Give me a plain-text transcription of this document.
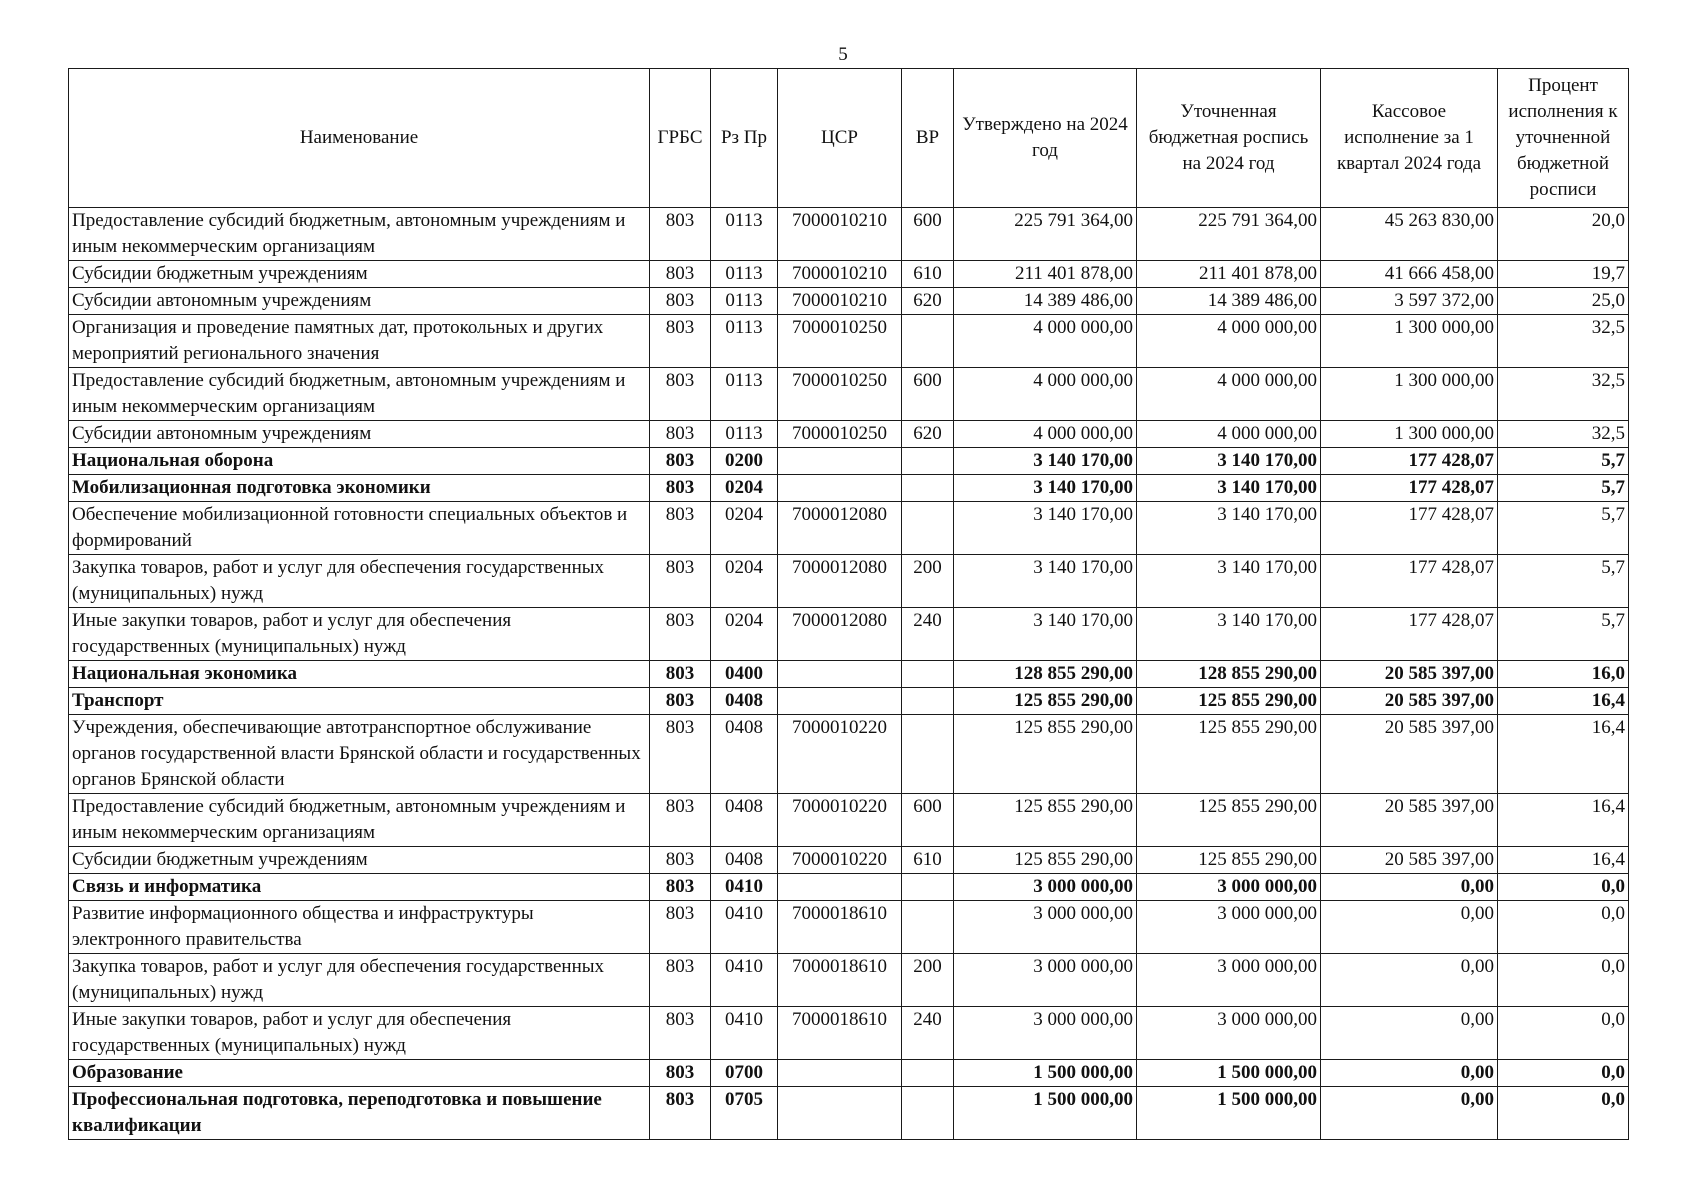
5
Наименование	ГРБС	Рз Пр	ЦСР	ВР	Утверждено на 2024 год	Уточненная бюджетная роспись на 2024 год	Кассовое исполнение за 1 квартал 2024 года	Процент исполнения к уточненной бюджетной росписи
Предоставление субсидий бюджетным, автономным учреждениям и иным некоммерческим организациям	803	0113	7000010210	600	225 791 364,00	225 791 364,00	45 263 830,00	20,0
Субсидии бюджетным учреждениям	803	0113	7000010210	610	211 401 878,00	211 401 878,00	41 666 458,00	19,7
Субсидии автономным учреждениям	803	0113	7000010210	620	14 389 486,00	14 389 486,00	3 597 372,00	25,0
Организация и проведение памятных дат, протокольных и других мероприятий регионального значения	803	0113	7000010250		4 000 000,00	4 000 000,00	1 300 000,00	32,5
Предоставление субсидий бюджетным, автономным учреждениям и иным некоммерческим организациям	803	0113	7000010250	600	4 000 000,00	4 000 000,00	1 300 000,00	32,5
Субсидии автономным учреждениям	803	0113	7000010250	620	4 000 000,00	4 000 000,00	1 300 000,00	32,5
Национальная оборона	803	0200			3 140 170,00	3 140 170,00	177 428,07	5,7
Мобилизационная подготовка экономики	803	0204			3 140 170,00	3 140 170,00	177 428,07	5,7
Обеспечение мобилизационной готовности специальных объектов и формирований	803	0204	7000012080		3 140 170,00	3 140 170,00	177 428,07	5,7
Закупка товаров, работ и услуг для обеспечения государственных (муниципальных) нужд	803	0204	7000012080	200	3 140 170,00	3 140 170,00	177 428,07	5,7
Иные закупки товаров, работ и услуг для обеспечения государственных (муниципальных) нужд	803	0204	7000012080	240	3 140 170,00	3 140 170,00	177 428,07	5,7
Национальная экономика	803	0400			128 855 290,00	128 855 290,00	20 585 397,00	16,0
Транспорт	803	0408			125 855 290,00	125 855 290,00	20 585 397,00	16,4
Учреждения, обеспечивающие автотранспортное обслуживание органов государственной власти Брянской области и государственных органов Брянской области	803	0408	7000010220		125 855 290,00	125 855 290,00	20 585 397,00	16,4
Предоставление субсидий бюджетным, автономным учреждениям и иным некоммерческим организациям	803	0408	7000010220	600	125 855 290,00	125 855 290,00	20 585 397,00	16,4
Субсидии бюджетным учреждениям	803	0408	7000010220	610	125 855 290,00	125 855 290,00	20 585 397,00	16,4
Связь и информатика	803	0410			3 000 000,00	3 000 000,00	0,00	0,0
Развитие информационного общества и инфраструктуры электронного правительства	803	0410	7000018610		3 000 000,00	3 000 000,00	0,00	0,0
Закупка товаров, работ и услуг для обеспечения государственных (муниципальных) нужд	803	0410	7000018610	200	3 000 000,00	3 000 000,00	0,00	0,0
Иные закупки товаров, работ и услуг для обеспечения государственных (муниципальных) нужд	803	0410	7000018610	240	3 000 000,00	3 000 000,00	0,00	0,0
Образование	803	0700			1 500 000,00	1 500 000,00	0,00	0,0
Профессиональная подготовка, переподготовка и повышение квалификации	803	0705			1 500 000,00	1 500 000,00	0,00	0,0
